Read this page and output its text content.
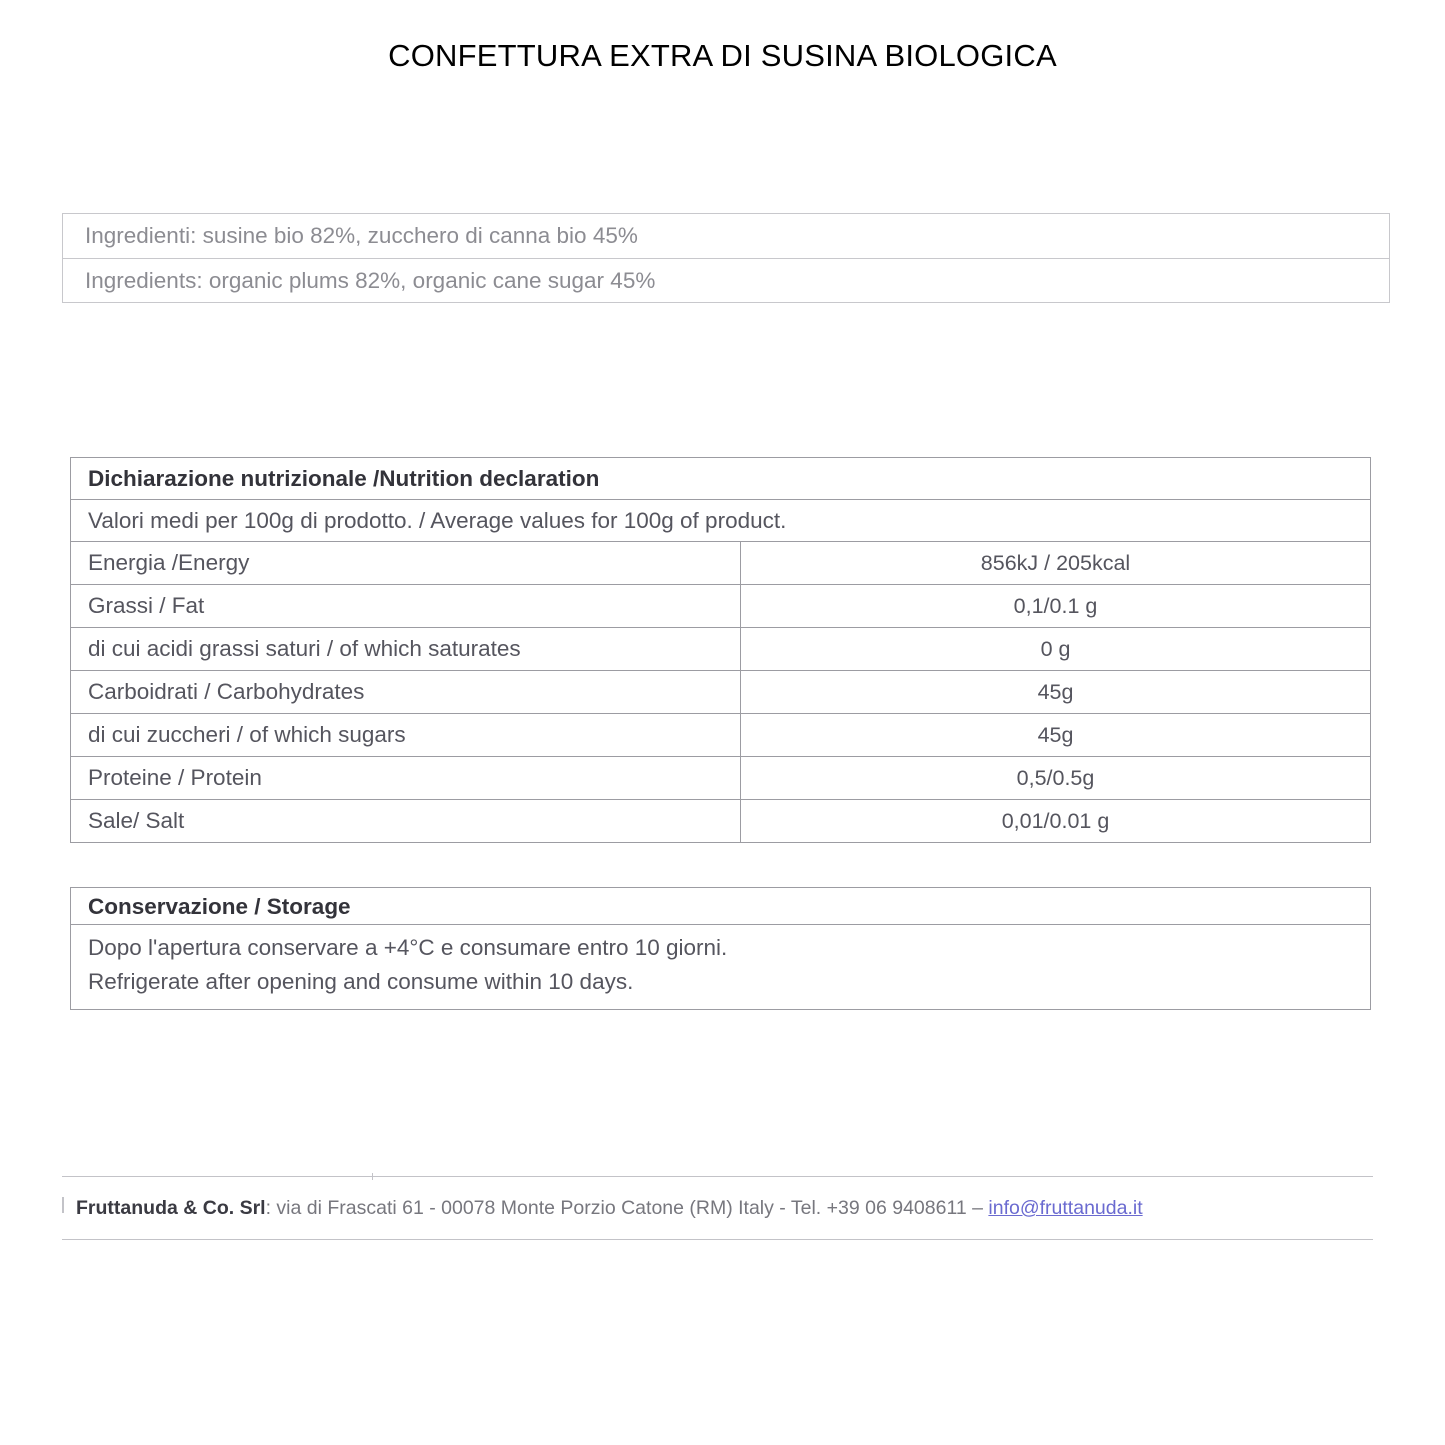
CONFETTURA EXTRA DI SUSINA BIOLOGICA
Ingredienti: susine bio 82%, zucchero di canna bio 45%
Ingredients: organic plums 82%, organic cane sugar 45%
Dichiarazione nutrizionale /Nutrition declaration	
Valori medi per 100g di prodotto. / Average values for 100g of product.	
Energia /Energy	856kJ / 205kcal
Grassi / Fat	0,1/0.1 g
di cui acidi grassi saturi / of which saturates	0 g
Carboidrati / Carbohydrates	45g
di cui zuccheri / of which sugars	45g
Proteine / Protein	0,5/0.5g
Sale/ Salt	0,01/0.01 g
Conservazione / Storage
Dopo l'apertura conservare a +4°C e consumare entro 10 giorni.
Refrigerate after opening and consume within 10 days.
Fruttanuda & Co. Srl: via di Frascati 61 - 00078 Monte Porzio Catone (RM) Italy - Tel. +39 06 9408611 – info@fruttanuda.it
